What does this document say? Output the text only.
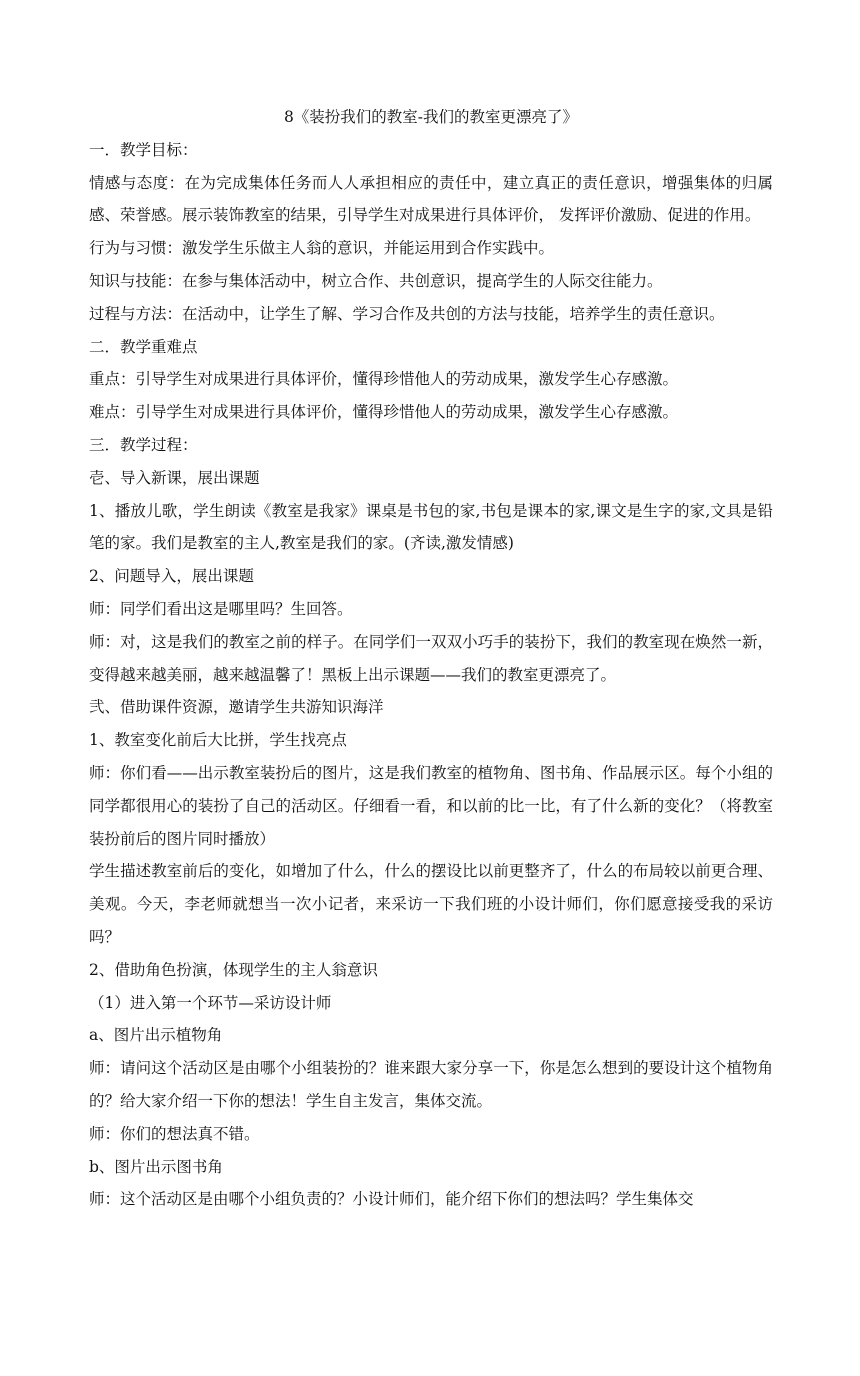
8《装扮我们的教室-我们的教室更漂亮了》

一．教学目标：

情感与态度：在为完成集体任务而人人承担相应的责任中，建立真正的责任意识，增强集体的归属感、荣誉感。展示装饰教室的结果，引导学生对成果进行具体评价， 发挥评价激励、促进的作用。

行为与习惯：激发学生乐做主人翁的意识，并能运用到合作实践中。

知识与技能：在参与集体活动中，树立合作、共创意识，提高学生的人际交往能力。

过程与方法：在活动中，让学生了解、学习合作及共创的方法与技能，培养学生的责任意识。

二．教学重难点

重点：引导学生对成果进行具体评价，懂得珍惜他人的劳动成果，激发学生心存感激。

难点：引导学生对成果进行具体评价，懂得珍惜他人的劳动成果，激发学生心存感激。

三．教学过程：

壱、导入新课，展出课题

1、播放儿歌，学生朗读《教室是我家》课桌是书包的家,书包是课本的家,课文是生字的家,文具是铅笔的家。我们是教室的主人,教室是我们的家。(齐读,激发情感)

2、问题导入，展出课题

师：同学们看出这是哪里吗？生回答。

师：对，这是我们的教室之前的样子。在同学们一双双小巧手的装扮下，我们的教室现在焕然一新，变得越来越美丽，越来越温馨了！黑板上出示课题——我们的教室更漂亮了。

弐、借助课件资源，邀请学生共游知识海洋

1、教室变化前后大比拼，学生找亮点

师：你们看——出示教室装扮后的图片，这是我们教室的植物角、图书角、作品展示区。每个小组的同学都很用心的装扮了自己的活动区。仔细看一看，和以前的比一比，有了什么新的变化？（将教室装扮前后的图片同时播放）

学生描述教室前后的变化，如增加了什么，什么的摆设比以前更整齐了，什么的布局较以前更合理、美观。今天，李老师就想当一次小记者，来采访一下我们班的小设计师们，你们愿意接受我的采访吗？

2、借助角色扮演，体现学生的主人翁意识

（1）进入第一个环节—采访设计师

a、图片出示植物角

师：请问这个活动区是由哪个小组装扮的？谁来跟大家分享一下，你是怎么想到的要设计这个植物角的？给大家介绍一下你的想法！学生自主发言，集体交流。

师：你们的想法真不错。

b、图片出示图书角

师：这个活动区是由哪个小组负责的？小设计师们，能介绍下你们的想法吗？学生集体交
